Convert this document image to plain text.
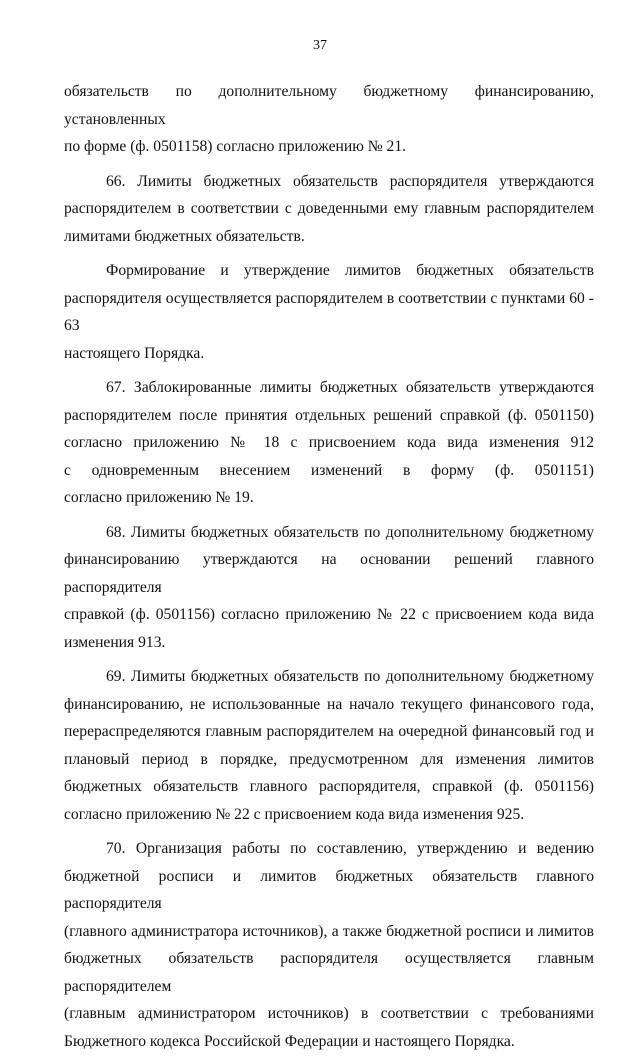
37

обязательств по дополнительному бюджетному финансированию, установленных
по форме (ф. 0501158) согласно приложению № 21.

66. Лимиты бюджетных обязательств распорядителя утверждаются
распорядителем в соответствии с доведенными ему главным распорядителем
лимитами бюджетных обязательств.

Формирование и утверждение лимитов бюджетных обязательств
распорядителя осуществляется распорядителем в соответствии с пунктами 60 - 63
настоящего Порядка.

67. Заблокированные лимиты бюджетных обязательств утверждаются
распорядителем после принятия отдельных решений справкой (ф. 0501150)
согласно приложению № 18 с присвоением кода вида изменения 912
с одновременным внесением изменений в форму (ф. 0501151)
согласно приложению № 19.

68. Лимиты бюджетных обязательств по дополнительному бюджетному
финансированию утверждаются на основании решений главного распорядителя
справкой (ф. 0501156) согласно приложению № 22 с присвоением кода вида
изменения 913.

69. Лимиты бюджетных обязательств по дополнительному бюджетному
финансированию, не использованные на начало текущего финансового года,
перераспределяются главным распорядителем на очередной финансовый год и
плановый период в порядке, предусмотренном для изменения лимитов
бюджетных обязательств главного распорядителя, справкой (ф. 0501156)
согласно приложению № 22 с присвоением кода вида изменения 925.

70. Организация работы по составлению, утверждению и ведению
бюджетной росписи и лимитов бюджетных обязательств главного распорядителя
(главного администратора источников), а также бюджетной росписи и лимитов
бюджетных обязательств распорядителя осуществляется главным распорядителем
(главным администратором источников) в соответствии с требованиями
Бюджетного кодекса Российской Федерации и настоящего Порядка.
